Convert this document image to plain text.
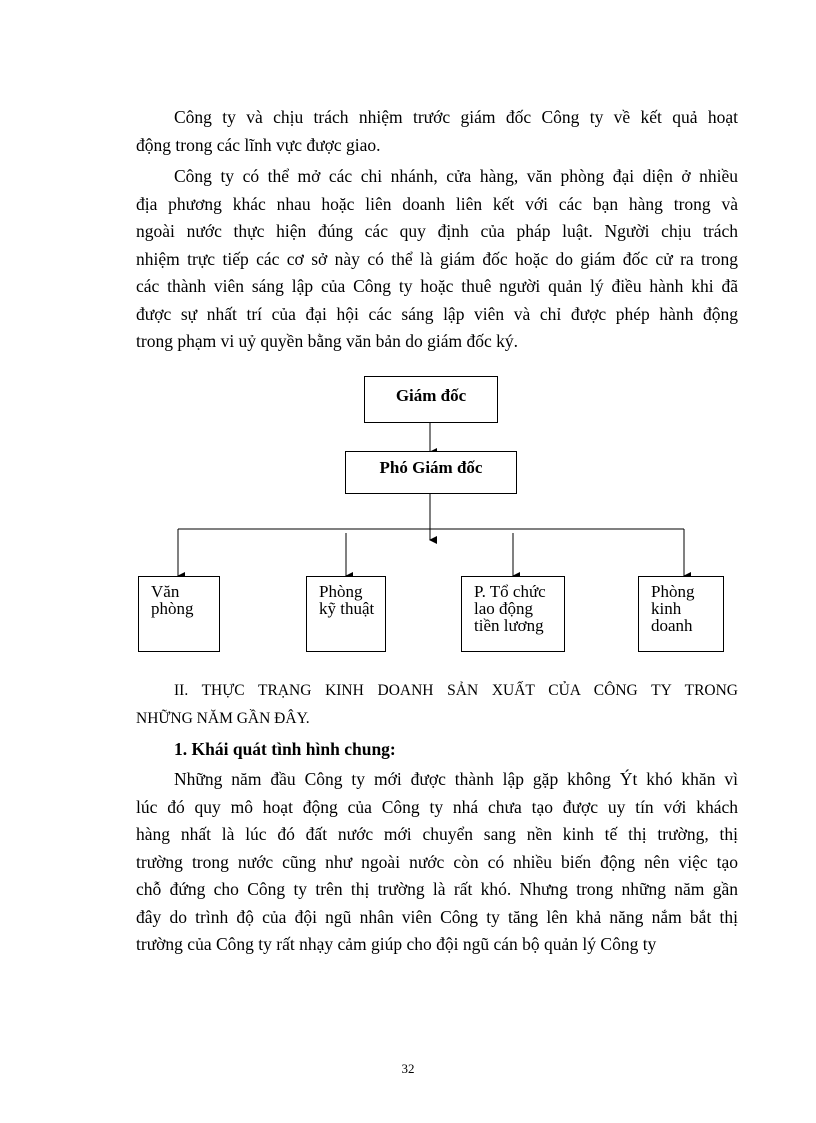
Công ty và chịu trách nhiệm trước giám đốc Công ty về kết quả hoạt
động trong các lĩnh vực được giao.
Công ty có thể mở các chi nhánh, cửa hàng, văn phòng đại diện ở nhiều
địa phương khác nhau hoặc liên doanh liên kết với các bạn hàng trong và
ngoài nước thực hiện đúng các quy định của pháp luật. Người chịu trách
nhiệm trực tiếp các cơ sở này có thể là giám đốc hoặc do giám đốc cử ra trong
các thành viên sáng lập của Công ty hoặc thuê người quản lý điều hành khi đã
được sự nhất trí của đại hội các sáng lập viên và chỉ được phép hành động
trong phạm vi uỷ quyền bằng văn bản do giám đốc ký.
Giám đốc
Phó Giám đốc
Văn
phòng
Phòng
kỹ thuật
P. Tổ chức
lao động
tiền lương
Phòng
kinh
doanh
II. THỰC TRẠNG KINH DOANH SẢN XUẤT CỦA CÔNG TY TRONG
NHỮNG NĂM GẦN ĐÂY.
1. Khái quát tình hình chung:
Những năm đầu Công ty mới được thành lập gặp không Ýt khó khăn vì
lúc đó quy mô hoạt động của Công ty nhá chưa tạo được uy tín với khách
hàng nhất là lúc đó đất nước mới chuyển sang nền kinh tế thị trường, thị
trường trong nước cũng như ngoài nước còn có nhiều biến động nên việc tạo
chỗ đứng cho Công ty trên thị trường là rất khó. Nhưng trong những năm gần
đây do trình độ của đội ngũ nhân viên Công ty tăng lên khả năng nắm bắt thị
trường của Công ty rất nhạy cảm giúp cho đội ngũ cán bộ quản lý Công ty
32
